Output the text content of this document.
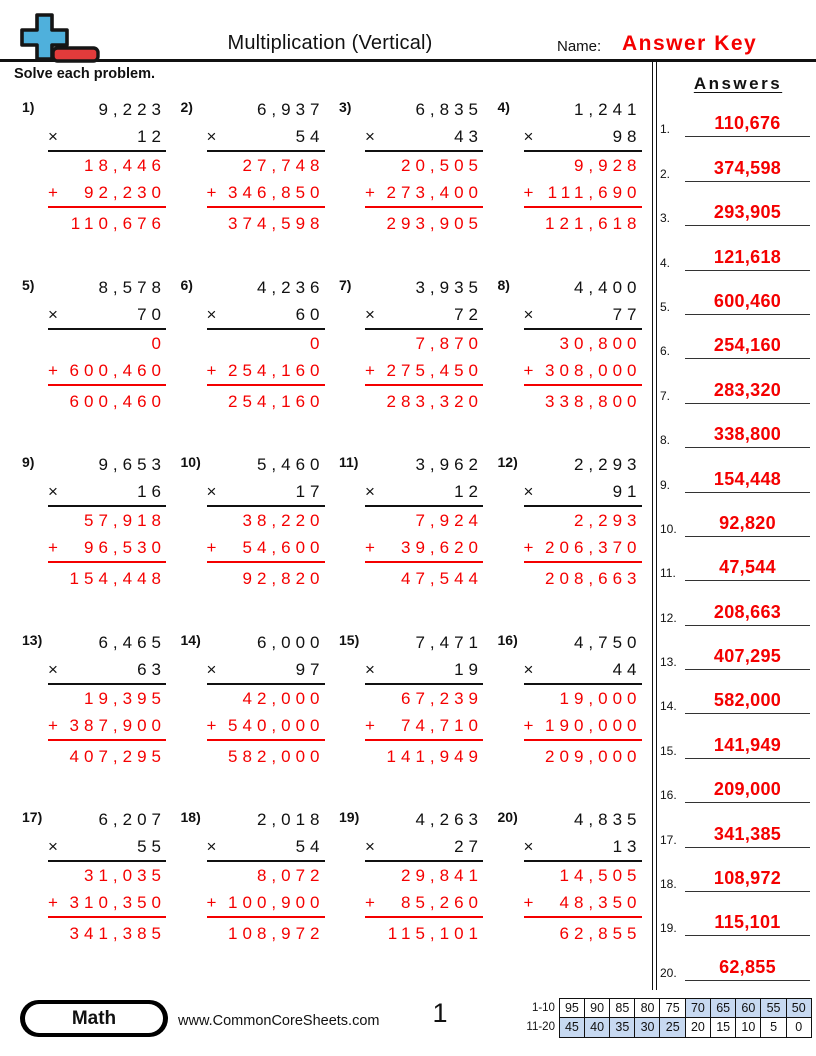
Multiplication (Vertical)	Name: Answer Key
Solve each problem.
1)	9,223
×	12
18,446
+ 92,230
110,676
2)	6,937
×	54
27,748
+ 346,850
374,598
3)	6,835
×	43
20,505
+ 273,400
293,905
4)	1,241
×	98
9,928
+ 111,690
121,618
5)	8,578
×	70
0
+ 600,460
600,460
6)	4,236
×	60
0
+ 254,160
254,160
7)	3,935
×	72
7,870
+ 275,450
283,320
8)	4,400
×	77
30,800
+ 308,000
338,800
9)	9,653
×	16
57,918
+ 96,530
154,448
10)	5,460
×	17
38,220
+ 54,600
92,820
11)	3,962
×	12
7,924
+ 39,620
47,544
12)	2,293
×	91
2,293
+ 206,370
208,663
13)	6,465
×	63
19,395
+ 387,900
407,295
14)	6,000
×	97
42,000
+ 540,000
582,000
15)	7,471
×	19
67,239
+ 74,710
141,949
16)	4,750
×	44
19,000
+ 190,000
209,000
17)	6,207
×	55
31,035
+ 310,350
341,385
18)	2,018
×	54
8,072
+ 100,900
108,972
19)	4,263
×	27
29,841
+ 85,260
115,101
20)	4,835
×	13
14,505
+ 48,350
62,855
Answers
1.	110,676
2.	374,598
3.	293,905
4.	121,618
5.	600,460
6.	254,160
7.	283,320
8.	338,800
9.	154,448
10.	92,820
11.	47,544
12.	208,663
13.	407,295
14.	582,000
15.	141,949
16.	209,000
17.	341,385
18.	108,972
19.	115,101
20.	62,855
Math	www.CommonCoreSheets.com	1	1-10 95 90 85 80 75 70 65 60 55 50
11-20 45 40 35 30 25 20 15 10	5	0
